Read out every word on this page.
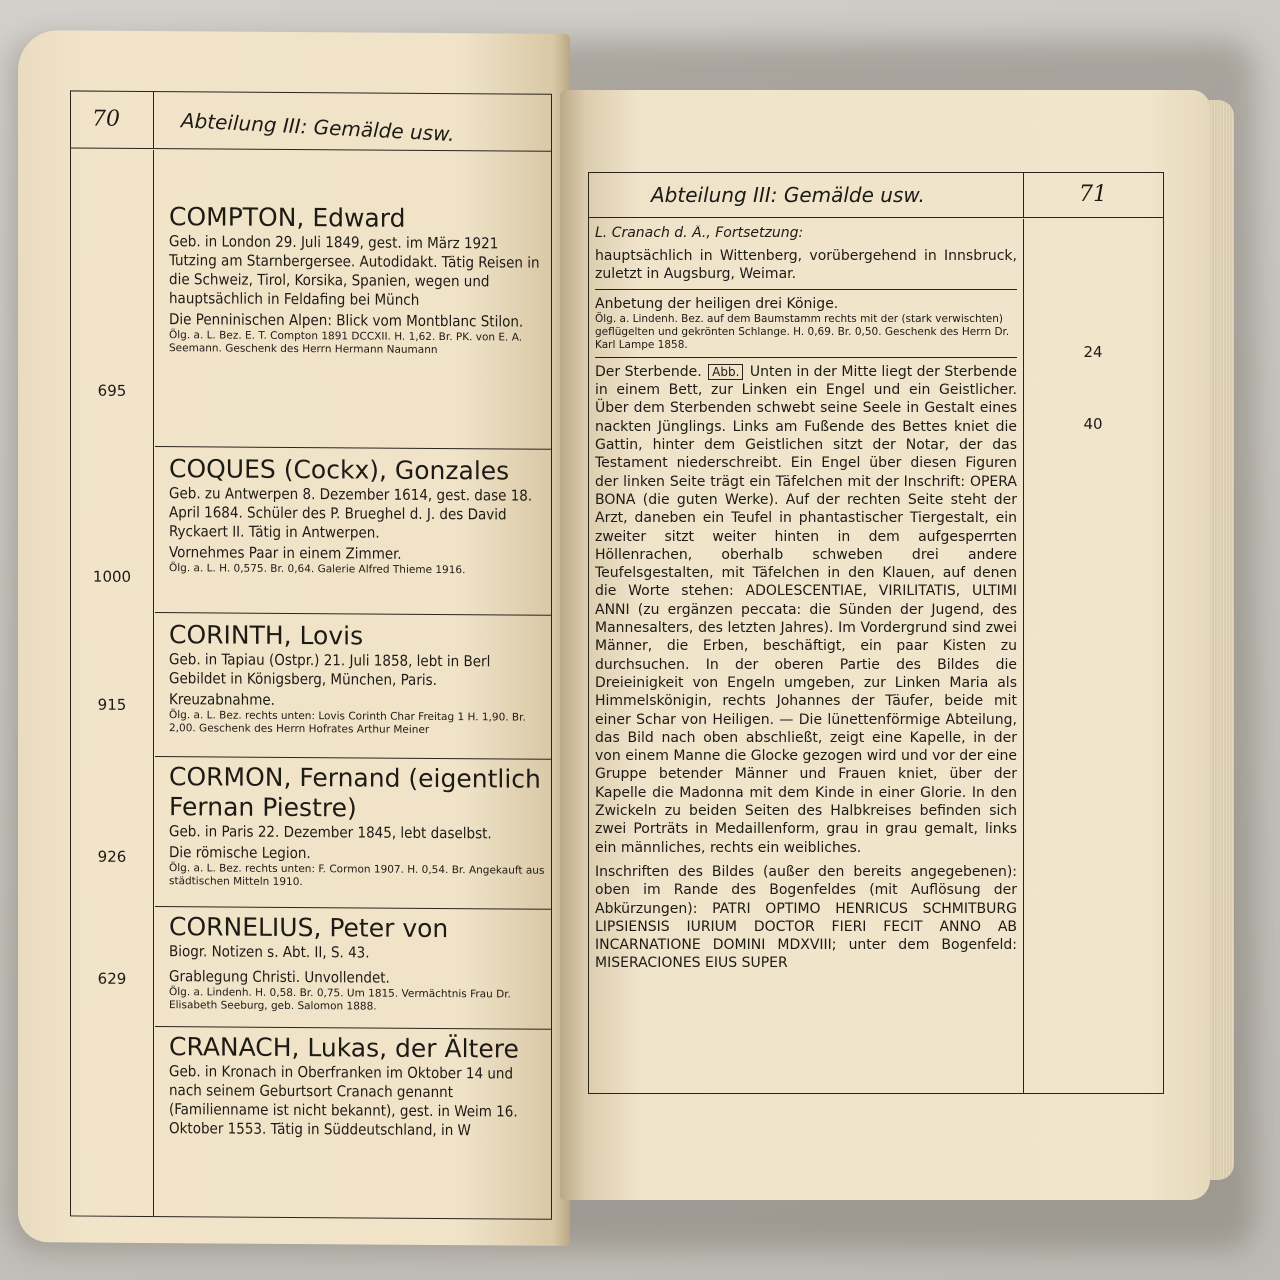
70	Abteilung III: Gemälde usw.
695
1000
915
926
629

COMPTON, Edward

Geb. in London 29. Juli 1849, gest. im März 1921 Tutzing am Starnbergersee. Autodidakt. Tätig Reisen in die Schweiz, Tirol, Korsika, Spanien, wegen und hauptsächlich in Feldafing bei Münch

Die Penninischen Alpen: Blick vom Montblanc Stilon.

Ölg. a. L. Bez. E. T. Compton 1891 DCCXII. H. 1,62. Br. PK. von E. A. Seemann. Geschenk des Herrn Hermann Naumann

COQUES (Cockx), Gonzales

Geb. zu Antwerpen 8. Dezember 1614, gest. dase 18. April 1684. Schüler des P. Brueghel d. J. des David Ryckaert II. Tätig in Antwerpen.

Vornehmes Paar in einem Zimmer.

Ölg. a. L. H. 0,575. Br. 0,64. Galerie Alfred Thieme 1916.

CORINTH, Lovis

Geb. in Tapiau (Ostpr.) 21. Juli 1858, lebt in Berl Gebildet in Königsberg, München, Paris.

Kreuzabnahme.

Ölg. a. L. Bez. rechts unten: Lovis Corinth Char Freitag 1 H. 1,90. Br. 2,00. Geschenk des Herrn Hofrates Arthur Meiner

CORMON, Fernand (eigentlich Fernan Piestre)

Geb. in Paris 22. Dezember 1845, lebt daselbst.

Die römische Legion.

Ölg. a. L. Bez. rechts unten: F. Cormon 1907. H. 0,54. Br. Angekauft aus städtischen Mitteln 1910.

CORNELIUS, Peter von

Biogr. Notizen s. Abt. II, S. 43.

Grablegung Christi. Unvollendet.

Ölg. a. Lindenh. H. 0,58. Br. 0,75. Um 1815. Vermächtnis Frau Dr. Elisabeth Seeburg, geb. Salomon 1888.

CRANACH, Lukas, der Ältere

Geb. in Kronach in Oberfranken im Oktober 14 und nach seinem Geburtsort Cranach genannt (Familienname ist nicht bekannt), gest. in Weim 16. Oktober 1553. Tätig in Süddeutschland, in W

Abteilung III: Gemälde usw.	71
24
40

L. Cranach d. Ä., Fortsetzung:

hauptsächlich in Wittenberg, vorübergehend in Innsbruck, zuletzt in Augsburg, Weimar.

Anbetung der heiligen drei Könige.

Ölg. a. Lindenh. Bez. auf dem Baumstamm rechts mit der (stark verwischten) geflügelten und gekrönten Schlange. H. 0,69. Br. 0,50. Geschenk des Herrn Dr. Karl Lampe 1858.

Der Sterbende. Abb. Unten in der Mitte liegt der Sterbende in einem Bett, zur Linken ein Engel und ein Geistlicher. Über dem Sterbenden schwebt seine Seele in Gestalt eines nackten Jünglings. Links am Fußende des Bettes kniet die Gattin, hinter dem Geistlichen sitzt der Notar, der das Testament niederschreibt. Ein Engel über diesen Figuren der linken Seite trägt ein Täfelchen mit der Inschrift: OPERA BONA (die guten Werke). Auf der rechten Seite steht der Arzt, daneben ein Teufel in phantastischer Tiergestalt, ein zweiter sitzt weiter hinten in dem aufgesperrten Höllenrachen, oberhalb schweben drei andere Teufelsgestalten, mit Täfelchen in den Klauen, auf denen die Worte stehen: ADOLESCENTIAE, VIRILITATIS, ULTIMI ANNI (zu ergänzen peccata: die Sünden der Jugend, des Mannesalters, des letzten Jahres). Im Vordergrund sind zwei Männer, die Erben, beschäftigt, ein paar Kisten zu durchsuchen. In der oberen Partie des Bildes die Dreieinigkeit von Engeln umgeben, zur Linken Maria als Himmelskönigin, rechts Johannes der Täufer, beide mit einer Schar von Heiligen. — Die lünettenförmige Abteilung, das Bild nach oben abschließt, zeigt eine Kapelle, in der von einem Manne die Glocke gezogen wird und vor der eine Gruppe betender Männer und Frauen kniet, über der Kapelle die Madonna mit dem Kinde in einer Glorie. In den Zwickeln zu beiden Seiten des Halbkreises befinden sich zwei Porträts in Medaillenform, grau in grau gemalt, links ein männliches, rechts ein weibliches.

Inschriften des Bildes (außer den bereits angegebenen): oben im Rande des Bogenfeldes (mit Auflösung der Abkürzungen): PATRI OPTIMO HENRICUS SCHMITBURG LIPSIENSIS IURIUM DOCTOR FIERI FECIT ANNO AB INCARNATIONE DOMINI MDXVIII; unter dem Bogenfeld: MISERACIONES EIUS SUPER
